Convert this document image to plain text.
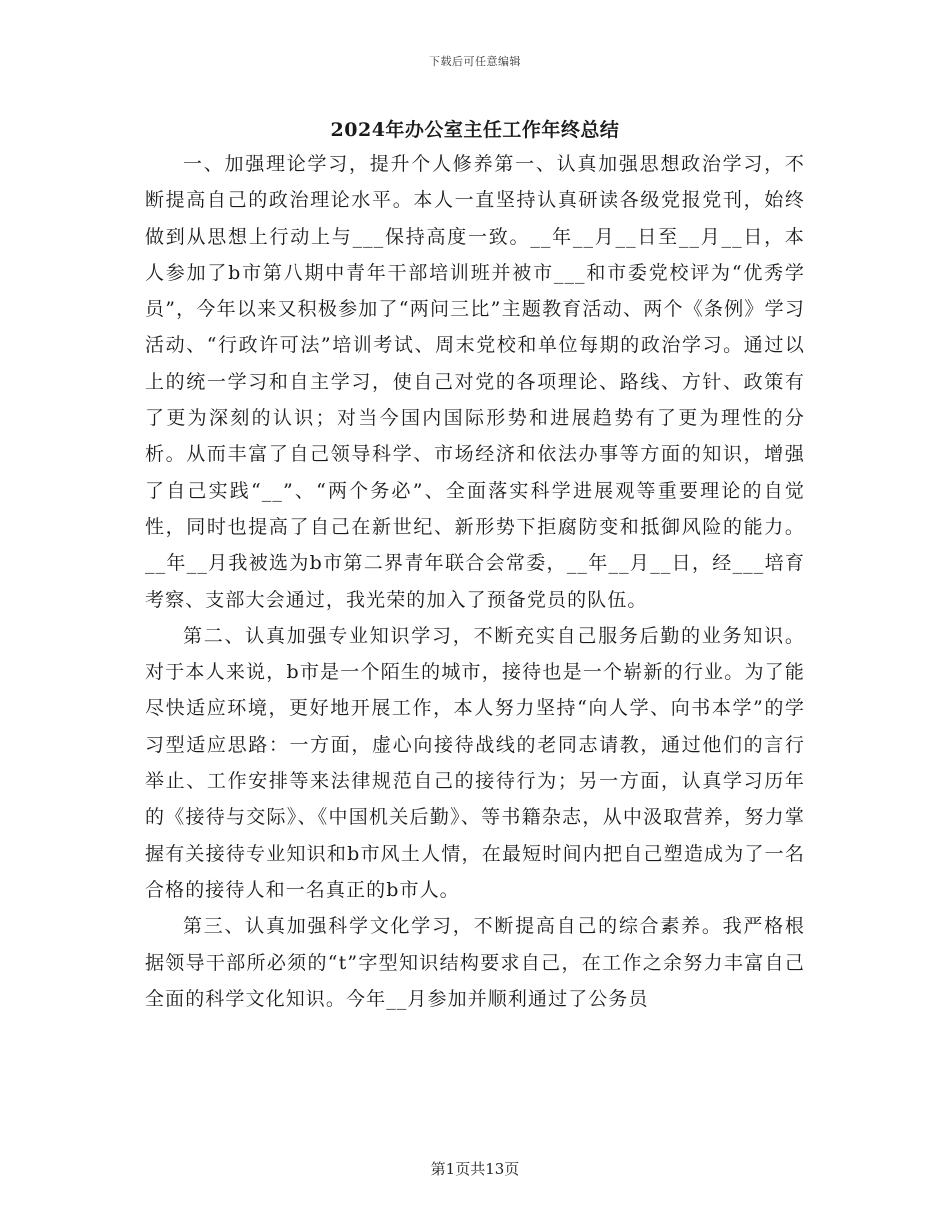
下载后可任意编辑
2024年办公室主任工作年终总结

一、加强理论学习，提升个人修养第一、认真加强思想政治学习，不断提高自己的政治理论水平。本人一直坚持认真研读各级党报党刊，始终做到从思想上行动上与___保持高度一致。__年__月__日至__月__日，本人参加了b市第八期中青年干部培训班并被市___和市委党校评为“优秀学员”，今年以来又积极参加了“两问三比”主题教育活动、两个《条例》学习活动、“行政许可法”培训考试、周末党校和单位每期的政治学习。通过以上的统一学习和自主学习，使自己对党的各项理论、路线、方针、政策有了更为深刻的认识；对当今国内国际形势和进展趋势有了更为理性的分析。从而丰富了自己领导科学、市场经济和依法办事等方面的知识，增强了自己实践“__”、“两个务必”、全面落实科学进展观等重要理论的自觉性，同时也提高了自己在新世纪、新形势下拒腐防变和抵御风险的能力。__年__月我被选为b市第二界青年联合会常委，__年__月__日，经___培育考察、支部大会通过，我光荣的加入了预备党员的队伍。

第二、认真加强专业知识学习，不断充实自己服务后勤的业务知识。对于本人来说，b市是一个陌生的城市，接待也是一个崭新的行业。为了能尽快适应环境，更好地开展工作，本人努力坚持“向人学、向书本学”的学习型适应思路：一方面，虚心向接待战线的老同志请教，通过他们的言行举止、工作安排等来法律规范自己的接待行为；另一方面，认真学习历年的《接待与交际》、《中国机关后勤》、等书籍杂志，从中汲取营养，努力掌握有关接待专业知识和b市风土人情，在最短时间内把自己塑造成为了一名合格的接待人和一名真正的b市人。

第三、认真加强科学文化学习，不断提高自己的综合素养。我严格根据领导干部所必须的“t”字型知识结构要求自己，在工作之余努力丰富自己全面的科学文化知识。今年__月参加并顺利通过了公务员

第1页共13页
